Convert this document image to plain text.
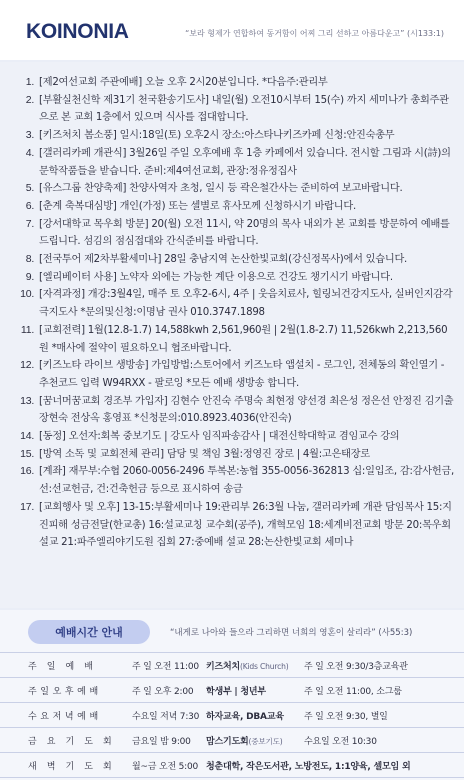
KOINONIA	“보라 형제가 연합하여 동거함이 어찌 그리 선하고 아름다운고” (시133:1)
1. [제2여선교회 주관예배] 오늘 오후 2시20분입니다. *다음주:관리부
2. [부활실천신학 제31기 천국환송기도사] 내일(월) 오전10시부터 15(수) 까지 세미나가 총회주관으로 본 교회 1층에서 있으며 식사를 접대합니다.
3. [키즈처치 봄소풍] 일시:18일(토) 오후2시 장소:아스타나키즈카페 신청:안진숙총무
4. [갤러리카페 개관식] 3월26일 주일 오후예배 후 1층 카페에서 있습니다. 전시할 그림과 시(詩)의 문학작품들을 받습니다. 준비:제4여선교회, 관장:정유정집사
5. [유스그룹 찬양축제] 찬양사역자 초청, 일시 등 곽은철간사는 준비하여 보고바랍니다.
6. [춘계 축복대심방] 개인(가정) 또는 셀별로 휴사모께 신청하시기 바랍니다.
7. [강서대학교 목우회 방문] 20(월) 오전 11시, 약 20명의 목사 내외가 본 교회를 방문하여 예배를 드립니다. 섬김의 점심접대와 간식준비를 바랍니다.
8. [전국투어 제2차부활세미나] 28일 충남지역 논산한빛교회(강신정목사)에서 있습니다.
9. [엘리베이터 사용] 노약자 외에는 가능한 계단 이용으로 건강도 챙기시기 바랍니다.
10. [자격과정] 개강:3월4일, 매주 토 오후2-6시, 4주 | 웃음치료사, 힐링뇌건강지도사, 실버인지감각극지도사 *문의및신청:이명남 권사 010.3747.1898
11. [교회전력] 1월(12.8-1.7) 14,588kwh 2,561,960원 | 2월(1.8-2.7) 11,526kwh 2,213,560원 *매사에 절약이 필요하오니 협조바랍니다.
12. [키즈노타 라이브 생방송] 가입방법:스토어에서 키즈노타 앱설치 - 로그인, 전체동의 확인열기 - 추천코드 입력 W94RXX - 팔로잉 *모든 예배 생방송 합니다.
13. [꿈너머꿈교회 경조부 가입자] 김현수 안진숙 주명숙 최현정 양선경 최은성 정은선 안정진 김기출 장현숙 전상옥 홍영표 *신청문의:010.8923.4036(안진숙)
14. [동정] 오선자:회복 중보기도 | 강도사 임직파송감사 | 대전신학대학교 겸임교수 강의
15. [방역 소독 및 교회전체 관리] 담당 및 책임 3월:정영진 장로 | 4월:고은태장로
16. [계좌] 재무부:수협 2060-0056-2496 투복본:농협 355-0056-362813 십:일입조, 감:감사헌금, 선:선교헌금, 건:건축헌금 등으로 표시하여 송금
17. [교회행사 및 오후] 13-15:부활세미나 19:관리부 26:3월 나눔, 갤러리카페 개관 담임목사 15:지진피해 성금전달(한교총) 16:설교교칭 교수회(공주), 개혁모임 18:세계비전교회 방문 20:목우회 설교 21:파주엘리야기도원 집회 27:중예배 설교 28:논산한빛교회 세미나
예배시간 안내	“내게로 나아와 들으라 그리하면 너희의 영혼이 살리라” (사55:3)
주 일 예 배	주 일 오전 11:00 키즈처치(Kids Church)	주 일 오전 9:30/3층교육관
주일오후예배	주 일 오후 2:00	학생부 | 청년부	주 일 오전 11:00, 소그룹
수요저녁예배	수요일 저녁 7:30 하자교육, DBA교육	주 일 오전 9:30, 별일
금 요 기 도 회	금요일 밤 9:00	맘스기도회(중보기도)	수요일 오전 10:30
새 벽 기 도 회	월~금 오전 5:00 청춘대학, 작은도서관, 노방전도, 1:1양육, 셀모임 외
